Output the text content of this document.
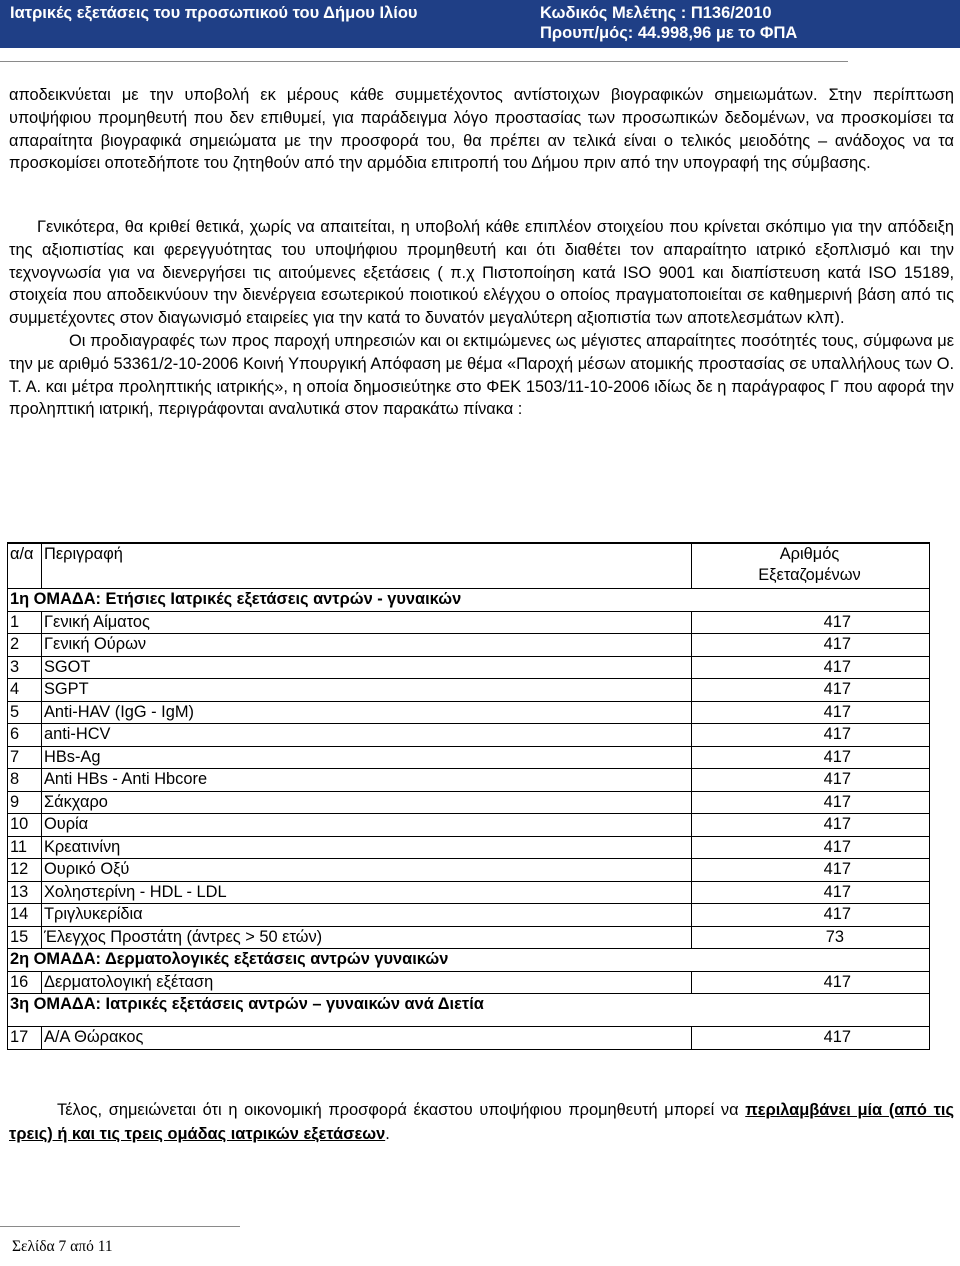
Ιατρικές εξετάσεις του προσωπικού του Δήμου Ιλίου	Κωδικός Μελέτης : Π136/2010
Προυπ/μός: 44.998,96 με το ΦΠΑ

αποδεικνύεται με την υποβολή εκ μέρους κάθε συμμετέχοντος αντίστοιχων βιογραφικών σημειωμάτων. Στην περίπτωση υποψήφιου προμηθευτή που δεν επιθυμεί, για παράδειγμα λόγο προστασίας των προσωπικών δεδομένων, να προσκομίσει τα απαραίτητα βιογραφικά σημειώματα με την προσφορά του, θα πρέπει αν τελικά είναι ο τελικός μειοδότης – ανάδοχος να τα προσκομίσει οποτεδήποτε του ζητηθούν από την αρμόδια επιτροπή του Δήμου πριν από την υπογραφή της σύμβασης.

Γενικότερα, θα κριθεί θετικά, χωρίς να απαιτείται, η υποβολή κάθε επιπλέον στοιχείου που κρίνεται σκόπιμο για την απόδειξη της αξιοπιστίας και φερεγγυότητας του υποψήφιου προμηθευτή και ότι διαθέτει τον απαραίτητο ιατρικό εξοπλισμό και την τεχνογνωσία για να διενεργήσει τις αιτούμενες εξετάσεις ( π.χ Πιστοποίηση κατά ISO 9001 και διαπίστευση κατά ISO 15189, στοιχεία που αποδεικνύουν την διενέργεια εσωτερικού ποιοτικού ελέγχου ο οποίος πραγματοποιείται σε καθημερινή βάση από τις συμμετέχοντες στον διαγωνισμό εταιρείες για την κατά το δυνατόν μεγαλύτερη αξιοπιστία των αποτελεσμάτων κλπ).

Οι προδιαγραφές των προς παροχή υπηρεσιών και οι εκτιμώμενες ως μέγιστες απαραίτητες ποσότητές τους, σύμφωνα με την με αριθμό 53361/2-10-2006 Κοινή Υπουργική Απόφαση με θέμα «Παροχή μέσων ατομικής προστασίας σε υπαλλήλους των Ο. Τ. Α. και μέτρα προληπτικής ιατρικής», η οποία δημοσιεύτηκε στο ΦΕΚ 1503/11-10-2006 ιδίως δε η παράγραφος Γ που αφορά την προληπτική ιατρική, περιγράφονται αναλυτικά στον παρακάτω πίνακα :

α/α	Περιγραφή	Αριθμός
Εξεταζομένων
1η ΟΜΑΔΑ: Ετήσιες Ιατρικές εξετάσεις αντρών - γυναικών		
1	Γενική Αίματος	417
2	Γενική Ούρων	417
3	SGOT	417
4	SGPT	417
5	Anti-HAV (IgG - IgM)	417
6	anti-HCV	417
7	HBs-Ag	417
8	Anti HBs - Anti Hbcore	417
9	Σάκχαρο	417
10	Ουρία	417
11	Κρεατινίνη	417
12	Ουρικό Οξύ	417
13	Χοληστερίνη - HDL - LDL	417
14	Τριγλυκερίδια	417
15	Έλεγχος Προστάτη (άντρες > 50 ετών)	73
2η ΟΜΑΔΑ: Δερματολογικές εξετάσεις αντρών γυναικών		
16	Δερματολογική εξέταση	417
3η ΟΜΑΔΑ: Ιατρικές εξετάσεις αντρών – γυναικών ανά Διετία		
17	Α/Α Θώρακος	417

Τέλος, σημειώνεται ότι η οικονομική προσφορά έκαστου υποψήφιου προμηθευτή μπορεί να περιλαμβάνει μία (από τις τρεις) ή και τις τρεις ομάδας ιατρικών εξετάσεων.

Σελίδα 7 από 11
